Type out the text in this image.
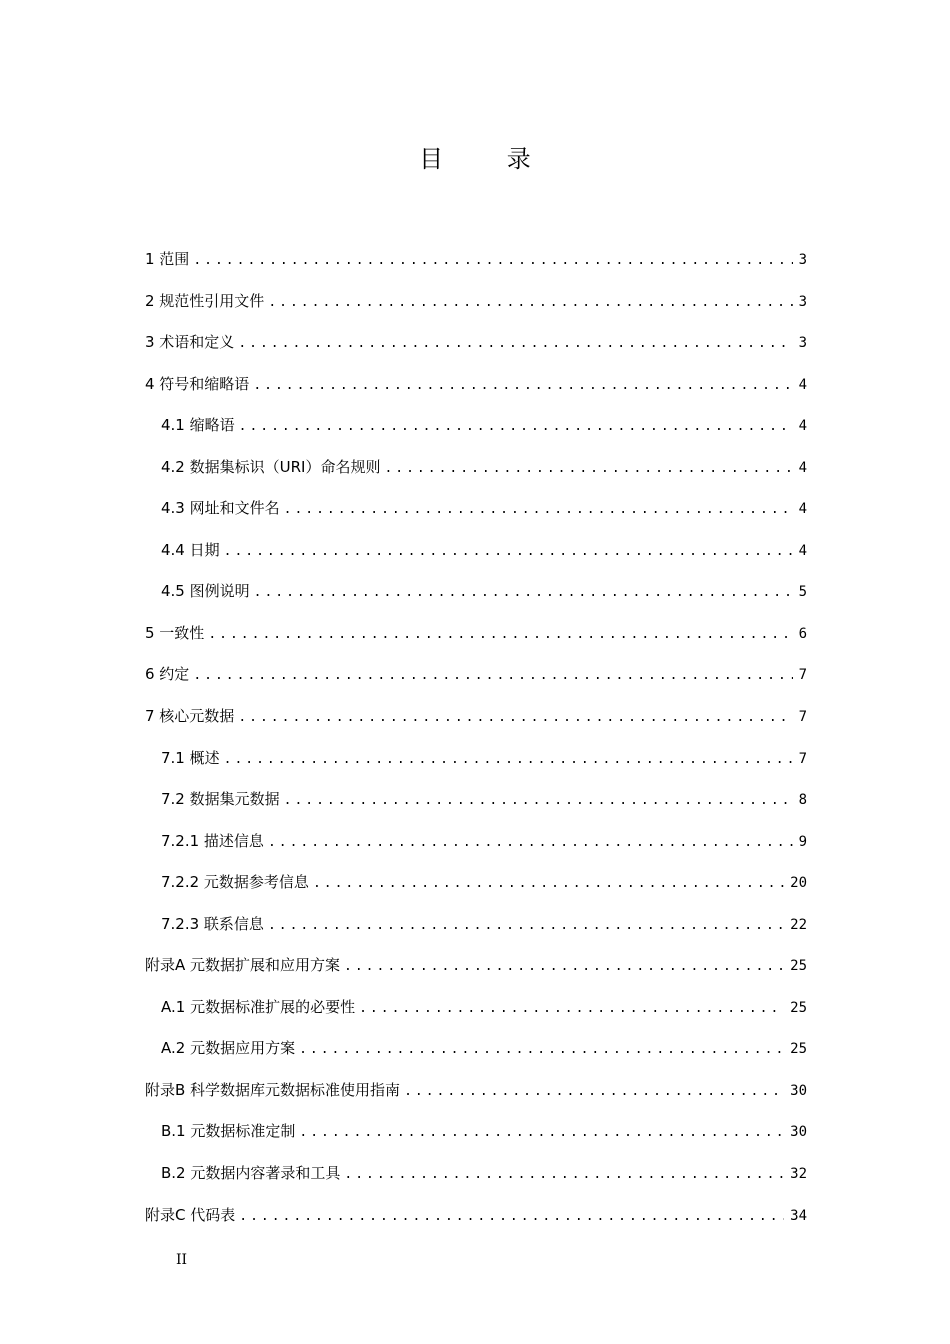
目 录
1 范围 .....	3
2 规范性引用文件 .....	3
3 术语和定义 .....	3
4 符号和缩略语 .....	4
4.1 缩略语 .....	4
4.2 数据集标识（URI）命名规则 .....	4
4.3 网址和文件名 .....	4
4.4 日期 .....	4
4.5 图例说明 .....	5
5 一致性 .....	6
6 约定 .....	7
7 核心元数据 .....	7
7.1 概述 .....	7
7.2 数据集元数据 .....	8
7.2.1 描述信息 .....	9
7.2.2 元数据参考信息 .....	20
7.2.3 联系信息 .....	22
附录A 元数据扩展和应用方案 .....	25
A.1 元数据标准扩展的必要性 .....	25
A.2 元数据应用方案 .....	25
附录B 科学数据库元数据标准使用指南 .....	30
B.1 元数据标准定制 .....	30
B.2 元数据内容著录和工具 .....	32
附录C 代码表 .....	34
II
